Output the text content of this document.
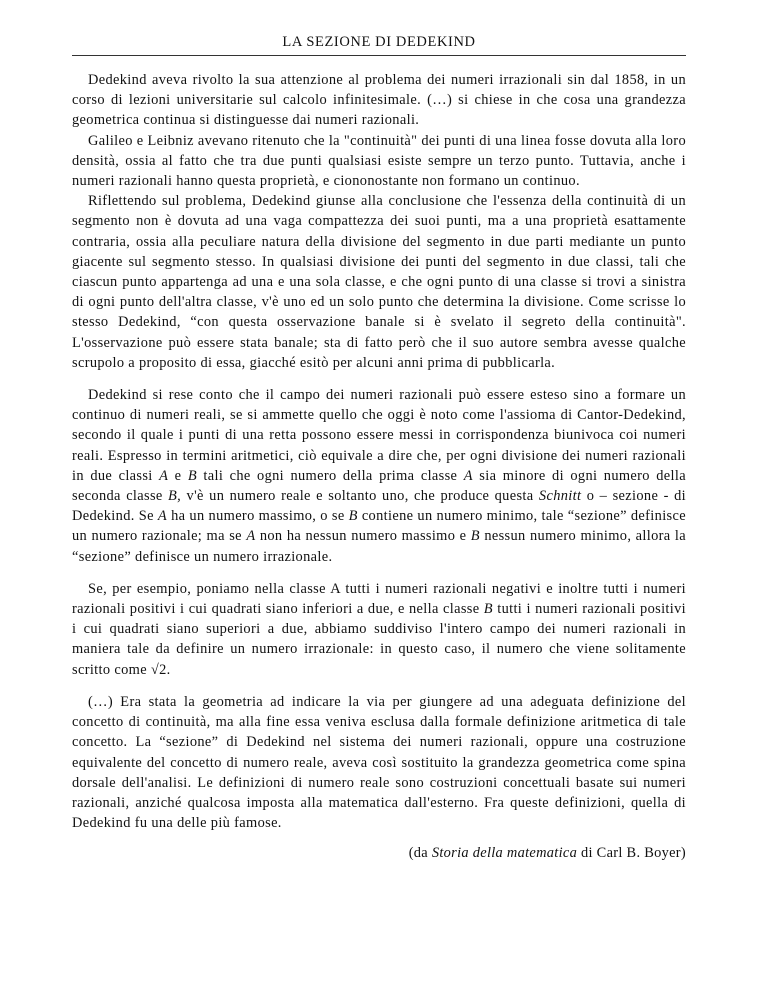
LA SEZIONE DI DEDEKIND

Dedekind aveva rivolto la sua attenzione al problema dei numeri irrazionali sin dal 1858, in un corso di lezioni universitarie sul calcolo infinitesimale. (…) si chiese in che cosa una grandezza geometrica continua si distinguesse dai numeri razionali.

Galileo e Leibniz avevano ritenuto che la "continuità" dei punti di una linea fosse dovuta alla loro densità, ossia al fatto che tra due punti qualsiasi esiste sempre un terzo punto. Tuttavia, anche i numeri razionali hanno questa proprietà, e ciononostante non formano un continuo.

Riflettendo sul problema, Dedekind giunse alla conclusione che l'essenza della continuità di un segmento non è dovuta ad una vaga compattezza dei suoi punti, ma a una proprietà esattamente contraria, ossia alla peculiare natura della divisione del segmento in due parti mediante un punto giacente sul segmento stesso. In qualsiasi divisione dei punti del segmento in due classi, tali che ciascun punto appartenga ad una e una sola classe, e che ogni punto di una classe si trovi a sinistra di ogni punto dell'altra classe, v'è uno ed un solo punto che determina la divisione. Come scrisse lo stesso Dedekind, “con questa osservazione banale si è svelato il segreto della continuità". L'osservazione può essere stata banale; sta di fatto però che il suo autore sembra avesse qualche scrupolo a proposito di essa, giacché esitò per alcuni anni prima di pubblicarla.

Dedekind si rese conto che il campo dei numeri razionali può essere esteso sino a formare un continuo di numeri reali, se si ammette quello che oggi è noto come l'assioma di Cantor-Dedekind, secondo il quale i punti di una retta possono essere messi in corrispondenza biunivoca coi numeri reali. Espresso in termini aritmetici, ciò equivale a dire che, per ogni divisione dei numeri razionali in due classi A e B tali che ogni numero della prima classe A sia minore di ogni numero della seconda classe B, v'è un numero reale e soltanto uno, che produce questa Schnitt o – sezione - di Dedekind. Se A ha un numero massimo, o se B contiene un numero minimo, tale “sezione” definisce un numero razionale; ma se A non ha nessun numero massimo e B nessun numero minimo, allora la “sezione” definisce un numero irrazionale.

Se, per esempio, poniamo nella classe A tutti i numeri razionali negativi e inoltre tutti i numeri razionali positivi i cui quadrati siano inferiori a due, e nella classe B tutti i numeri razionali positivi i cui quadrati siano superiori a due, abbiamo suddiviso l'intero campo dei numeri razionali in maniera tale da definire un numero irrazionale: in questo caso, il numero che viene solitamente scritto come √2.

(…) Era stata la geometria ad indicare la via per giungere ad una adeguata definizione del concetto di continuità, ma alla fine essa veniva esclusa dalla formale definizione aritmetica di tale concetto. La “sezione” di Dedekind nel sistema dei numeri razionali, oppure una costruzione equivalente del concetto di numero reale, aveva così sostituito la grandezza geometrica come spina dorsale dell'analisi. Le definizioni di numero reale sono costruzioni concettuali basate sui numeri razionali, anziché qualcosa imposta alla matematica dall'esterno. Fra queste definizioni, quella di Dedekind fu una delle più famose.

(da Storia della matematica di Carl B. Boyer)
